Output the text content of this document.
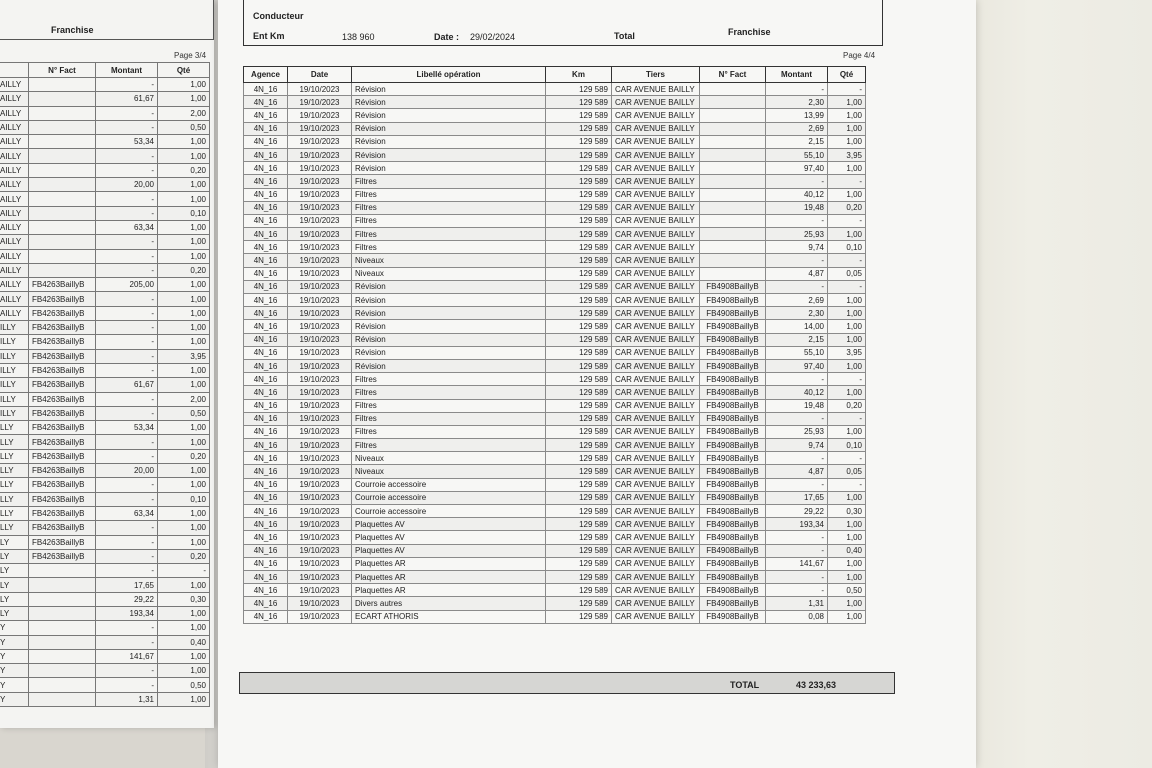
Franchise
Page 3/4
	N° Fact	Montant	Qté
AILLY		-	1,00
AILLY		61,67	1,00
AILLY		-	2,00
AILLY		-	0,50
AILLY		53,34	1,00
AILLY		-	1,00
AILLY		-	0,20
AILLY		20,00	1,00
AILLY		-	1,00
AILLY		-	0,10
AILLY		63,34	1,00
AILLY		-	1,00
AILLY		-	1,00
AILLY		-	0,20
AILLY	FB4263BaillyB	205,00	1,00
AILLY	FB4263BaillyB	-	1,00
AILLY	FB4263BaillyB	-	1,00
ILLY	FB4263BaillyB	-	1,00
ILLY	FB4263BaillyB	-	1,00
ILLY	FB4263BaillyB	-	3,95
ILLY	FB4263BaillyB	-	1,00
ILLY	FB4263BaillyB	61,67	1,00
ILLY	FB4263BaillyB	-	2,00
ILLY	FB4263BaillyB	-	0,50
LLY	FB4263BaillyB	53,34	1,00
LLY	FB4263BaillyB	-	1,00
LLY	FB4263BaillyB	-	0,20
LLY	FB4263BaillyB	20,00	1,00
LLY	FB4263BaillyB	-	1,00
LLY	FB4263BaillyB	-	0,10
LLY	FB4263BaillyB	63,34	1,00
LLY	FB4263BaillyB	-	1,00
LY	FB4263BaillyB	-	1,00
LY	FB4263BaillyB	-	0,20
LY		-	-
LY		17,65	1,00
LY		29,22	0,30
LY		193,34	1,00
Y		-	1,00
Y		-	0,40
Y		141,67	1,00
Y		-	1,00
Y		-	0,50
Y		1,31	1,00
Conducteur
Ent Km	138 960	Date : 29/02/2024	Total	Franchise
Page 4/4
Agence	Date	Libellé opération	Km	Tiers	N° Fact	Montant	Qté
4N_16	19/10/2023	Révision	129 589	CAR AVENUE BAILLY		-	-
4N_16	19/10/2023	Révision	129 589	CAR AVENUE BAILLY		2,30	1,00
4N_16	19/10/2023	Révision	129 589	CAR AVENUE BAILLY		13,99	1,00
4N_16	19/10/2023	Révision	129 589	CAR AVENUE BAILLY		2,69	1,00
4N_16	19/10/2023	Révision	129 589	CAR AVENUE BAILLY		2,15	1,00
4N_16	19/10/2023	Révision	129 589	CAR AVENUE BAILLY		55,10	3,95
4N_16	19/10/2023	Révision	129 589	CAR AVENUE BAILLY		97,40	1,00
4N_16	19/10/2023	Filtres	129 589	CAR AVENUE BAILLY		-	-
4N_16	19/10/2023	Filtres	129 589	CAR AVENUE BAILLY		40,12	1,00
4N_16	19/10/2023	Filtres	129 589	CAR AVENUE BAILLY		19,48	0,20
4N_16	19/10/2023	Filtres	129 589	CAR AVENUE BAILLY		-	-
4N_16	19/10/2023	Filtres	129 589	CAR AVENUE BAILLY		25,93	1,00
4N_16	19/10/2023	Filtres	129 589	CAR AVENUE BAILLY		9,74	0,10
4N_16	19/10/2023	Niveaux	129 589	CAR AVENUE BAILLY		-	-
4N_16	19/10/2023	Niveaux	129 589	CAR AVENUE BAILLY		4,87	0,05
4N_16	19/10/2023	Révision	129 589	CAR AVENUE BAILLY	FB4908BaillyB	-	-
4N_16	19/10/2023	Révision	129 589	CAR AVENUE BAILLY	FB4908BaillyB	2,69	1,00
4N_16	19/10/2023	Révision	129 589	CAR AVENUE BAILLY	FB4908BaillyB	2,30	1,00
4N_16	19/10/2023	Révision	129 589	CAR AVENUE BAILLY	FB4908BaillyB	14,00	1,00
4N_16	19/10/2023	Révision	129 589	CAR AVENUE BAILLY	FB4908BaillyB	2,15	1,00
4N_16	19/10/2023	Révision	129 589	CAR AVENUE BAILLY	FB4908BaillyB	55,10	3,95
4N_16	19/10/2023	Révision	129 589	CAR AVENUE BAILLY	FB4908BaillyB	97,40	1,00
4N_16	19/10/2023	Filtres	129 589	CAR AVENUE BAILLY	FB4908BaillyB	-	-
4N_16	19/10/2023	Filtres	129 589	CAR AVENUE BAILLY	FB4908BaillyB	40,12	1,00
4N_16	19/10/2023	Filtres	129 589	CAR AVENUE BAILLY	FB4908BaillyB	19,48	0,20
4N_16	19/10/2023	Filtres	129 589	CAR AVENUE BAILLY	FB4908BaillyB	-	-
4N_16	19/10/2023	Filtres	129 589	CAR AVENUE BAILLY	FB4908BaillyB	25,93	1,00
4N_16	19/10/2023	Filtres	129 589	CAR AVENUE BAILLY	FB4908BaillyB	9,74	0,10
4N_16	19/10/2023	Niveaux	129 589	CAR AVENUE BAILLY	FB4908BaillyB	-	-
4N_16	19/10/2023	Niveaux	129 589	CAR AVENUE BAILLY	FB4908BaillyB	4,87	0,05
4N_16	19/10/2023	Courroie accessoire	129 589	CAR AVENUE BAILLY	FB4908BaillyB	-	-
4N_16	19/10/2023	Courroie accessoire	129 589	CAR AVENUE BAILLY	FB4908BaillyB	17,65	1,00
4N_16	19/10/2023	Courroie accessoire	129 589	CAR AVENUE BAILLY	FB4908BaillyB	29,22	0,30
4N_16	19/10/2023	Plaquettes AV	129 589	CAR AVENUE BAILLY	FB4908BaillyB	193,34	1,00
4N_16	19/10/2023	Plaquettes AV	129 589	CAR AVENUE BAILLY	FB4908BaillyB	-	1,00
4N_16	19/10/2023	Plaquettes AV	129 589	CAR AVENUE BAILLY	FB4908BaillyB	-	0,40
4N_16	19/10/2023	Plaquettes AR	129 589	CAR AVENUE BAILLY	FB4908BaillyB	141,67	1,00
4N_16	19/10/2023	Plaquettes AR	129 589	CAR AVENUE BAILLY	FB4908BaillyB	-	1,00
4N_16	19/10/2023	Plaquettes AR	129 589	CAR AVENUE BAILLY	FB4908BaillyB	-	0,50
4N_16	19/10/2023	Divers autres	129 589	CAR AVENUE BAILLY	FB4908BaillyB	1,31	1,00
4N_16	19/10/2023	ECART ATHORIS	129 589	CAR AVENUE BAILLY	FB4908BaillyB	0,08	1,00
TOTAL	43 233,63
